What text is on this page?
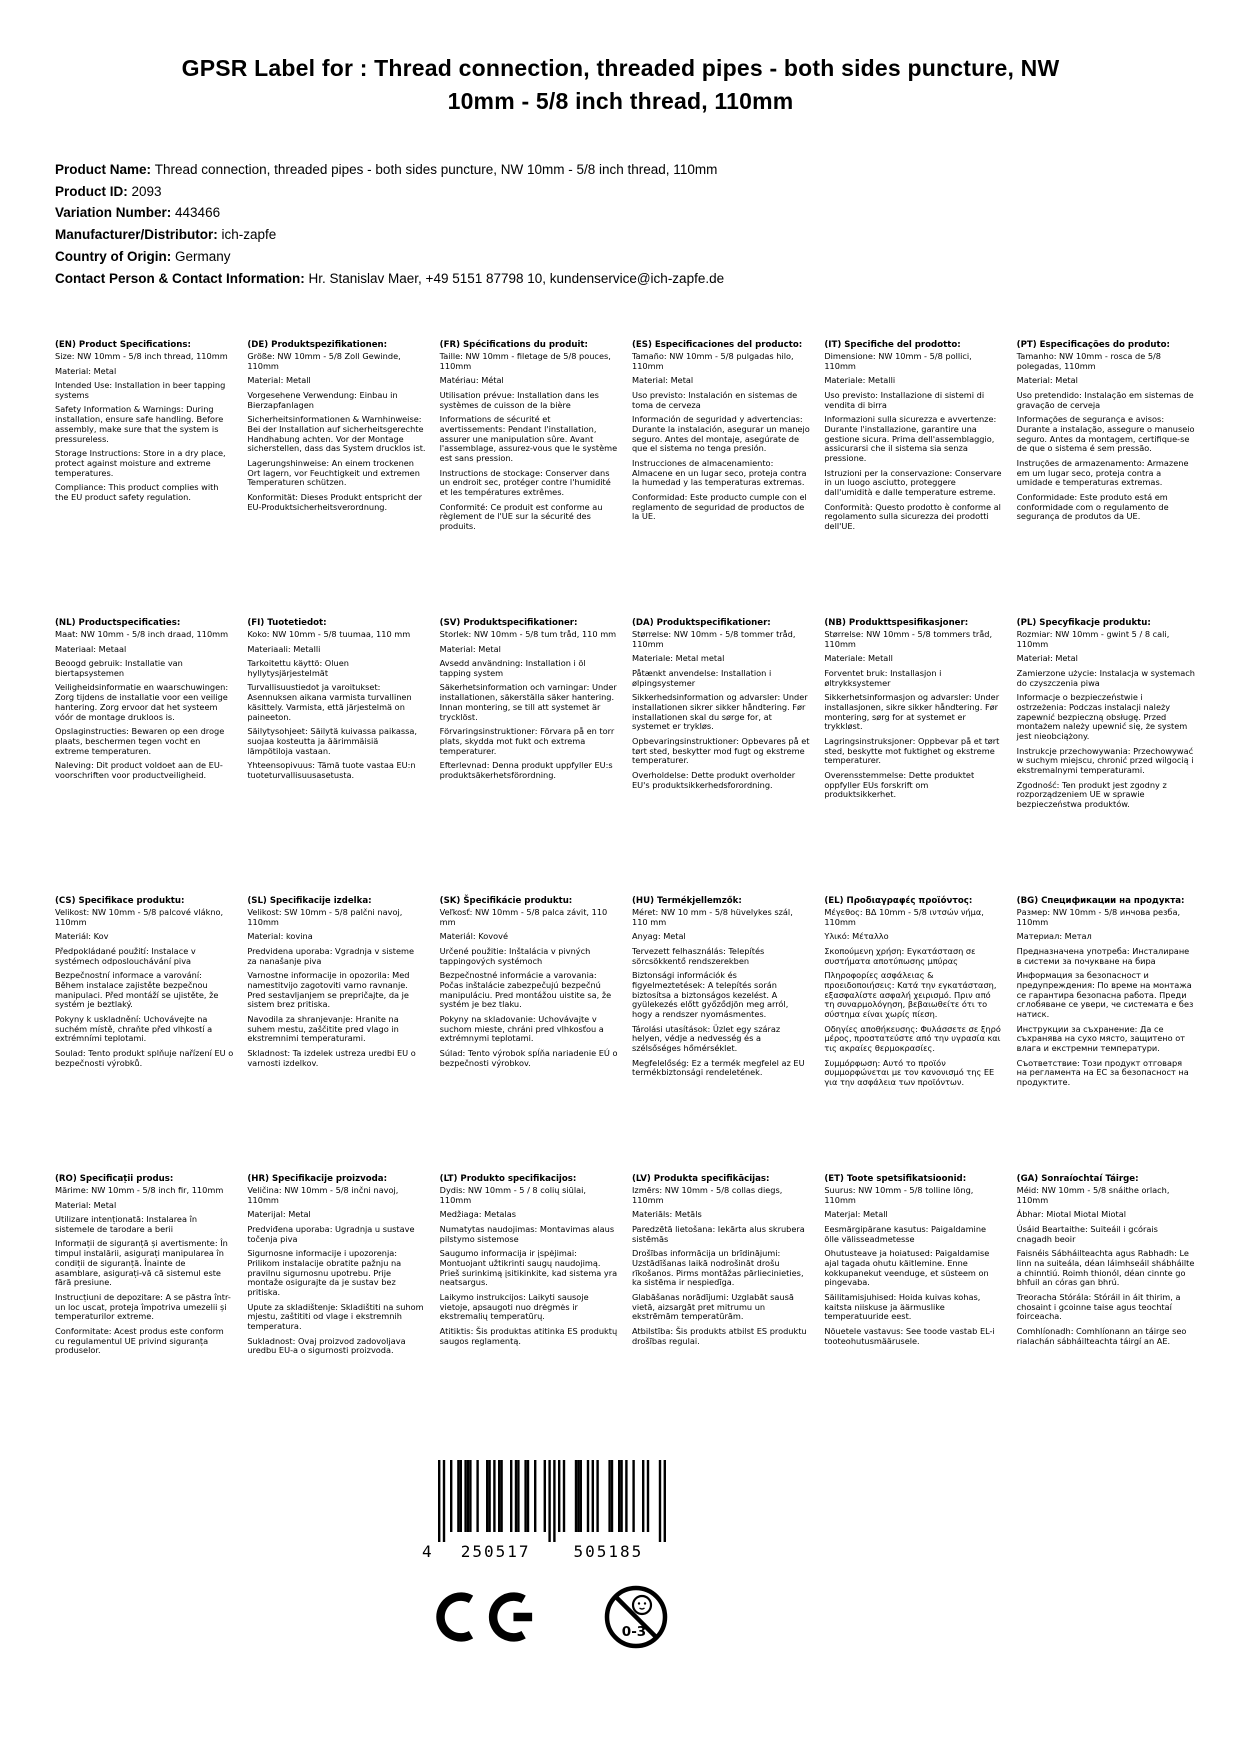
GPSR Label for : Thread connection, threaded pipes - both sides puncture, NW 10mm - 5/8 inch thread, 110mm
Product Name: Thread connection, threaded pipes - both sides puncture, NW 10mm - 5/8 inch thread, 110mm
Product ID: 2093
Variation Number: 443466
Manufacturer/Distributor: ich-zapfe
Country of Origin: Germany
Contact Person & Contact Information: Hr. Stanislav Maer, +49 5151 87798 10, kundenservice@ich-zapfe.de
(EN) Product Specifications:

Size: NW 10mm - 5/8 inch thread, 110mm

Material: Metal

Intended Use: Installation in beer tapping systems

Safety Information & Warnings: During installation, ensure safe handling. Before assembly, make sure that the system is pressureless.

Storage Instructions: Store in a dry place, protect against moisture and extreme temperatures.

Compliance: This product complies with the EU product safety regulation.

(DE) Produktspezifikationen:

Größe: NW 10mm - 5/8 Zoll Gewinde, 110mm

Material: Metall

Vorgesehene Verwendung: Einbau in Bierzapfanlagen

Sicherheitsinformationen & Warnhinweise: Bei der Installation auf sicherheitsgerechte Handhabung achten. Vor der Montage sicherstellen, dass das System drucklos ist.

Lagerungshinweise: An einem trockenen Ort lagern, vor Feuchtigkeit und extremen Temperaturen schützen.

Konformität: Dieses Produkt entspricht der EU-Produktsicherheitsverordnung.

(FR) Spécifications du produit:

Taille: NW 10mm - filetage de 5/8 pouces, 110mm

Matériau: Métal

Utilisation prévue: Installation dans les systèmes de cuisson de la bière

Informations de sécurité et avertissements: Pendant l'installation, assurer une manipulation sûre. Avant l'assemblage, assurez-vous que le système est sans pression.

Instructions de stockage: Conserver dans un endroit sec, protéger contre l'humidité et les températures extrêmes.

Conformité: Ce produit est conforme au règlement de l'UE sur la sécurité des produits.

(ES) Especificaciones del producto:

Tamaño: NW 10mm - 5/8 pulgadas hilo, 110mm

Material: Metal

Uso previsto: Instalación en sistemas de toma de cerveza

Información de seguridad y advertencias: Durante la instalación, asegurar un manejo seguro. Antes del montaje, asegúrate de que el sistema no tenga presión.

Instrucciones de almacenamiento: Almacene en un lugar seco, proteja contra la humedad y las temperaturas extremas.

Conformidad: Este producto cumple con el reglamento de seguridad de productos de la UE.

(IT) Specifiche del prodotto:

Dimensione: NW 10mm - 5/8 pollici, 110mm

Materiale: Metalli

Uso previsto: Installazione di sistemi di vendita di birra

Informazioni sulla sicurezza e avvertenze: Durante l'installazione, garantire una gestione sicura. Prima dell'assemblaggio, assicurarsi che il sistema sia senza pressione.

Istruzioni per la conservazione: Conservare in un luogo asciutto, proteggere dall'umidità e dalle temperature estreme.

Conformità: Questo prodotto è conforme al regolamento sulla sicurezza dei prodotti dell'UE.

(PT) Especificações do produto:

Tamanho: NW 10mm - rosca de 5/8 polegadas, 110mm

Material: Metal

Uso pretendido: Instalação em sistemas de gravação de cerveja

Informações de segurança e avisos: Durante a instalação, assegure o manuseio seguro. Antes da montagem, certifique-se de que o sistema é sem pressão.

Instruções de armazenamento: Armazene em um lugar seco, proteja contra a umidade e temperaturas extremas.

Conformidade: Este produto está em conformidade com o regulamento de segurança de produtos da UE.

(NL) Productspecificaties:

Maat: NW 10mm - 5/8 inch draad, 110mm

Materiaal: Metaal

Beoogd gebruik: Installatie van biertapsystemen

Veiligheidsinformatie en waarschuwingen: Zorg tijdens de installatie voor een veilige hantering. Zorg ervoor dat het systeem vóór de montage drukloos is.

Opslaginstructies: Bewaren op een droge plaats, beschermen tegen vocht en extreme temperaturen.

Naleving: Dit product voldoet aan de EU-voorschriften voor productveiligheid.

(FI) Tuotetiedot:

Koko: NW 10mm - 5/8 tuumaa, 110 mm

Materiaali: Metalli

Tarkoitettu käyttö: Oluen hyllytysjärjestelmät

Turvallisuustiedot ja varoitukset: Asennuksen aikana varmista turvallinen käsittely. Varmista, että järjestelmä on paineeton.

Säilytysohjeet: Säilytä kuivassa paikassa, suojaa kosteutta ja äärimmäisiä lämpötiloja vastaan.

Yhteensopivuus: Tämä tuote vastaa EU:n tuoteturvallisuusasetusta.

(SV) Produktspecifikationer:

Storlek: NW 10mm - 5/8 tum tråd, 110 mm

Material: Metal

Avsedd användning: Installation i öl tapping system

Säkerhetsinformation och varningar: Under installationen, säkerställa säker hantering. Innan montering, se till att systemet är trycklöst.

Förvaringsinstruktioner: Förvara på en torr plats, skydda mot fukt och extrema temperaturer.

Efterlevnad: Denna produkt uppfyller EU:s produktsäkerhetsförordning.

(DA) Produktspecifikationer:

Størrelse: NW 10mm - 5/8 tommer tråd, 110mm

Materiale: Metal metal

Påtænkt anvendelse: Installation i ølpingsystemer

Sikkerhedsinformation og advarsler: Under installationen sikrer sikker håndtering. Før installationen skal du sørge for, at systemet er trykløs.

Opbevaringsinstruktioner: Opbevares på et tørt sted, beskytter mod fugt og ekstreme temperaturer.

Overholdelse: Dette produkt overholder EU's produktsikkerhedsforordning.

(NB) Produkttspesifikasjoner:

Størrelse: NW 10mm - 5/8 tommers tråd, 110mm

Materiale: Metall

Forventet bruk: Installasjon i øltrykksystemer

Sikkerhetsinformasjon og advarsler: Under installasjonen, sikre sikker håndtering. Før montering, sørg for at systemet er trykkløst.

Lagringsinstruksjoner: Oppbevar på et tørt sted, beskytte mot fuktighet og ekstreme temperaturer.

Overensstemmelse: Dette produktet oppfyller EUs forskrift om produktsikkerhet.

(PL) Specyfikacje produktu:

Rozmiar: NW 10mm - gwint 5 / 8 cali, 110mm

Materiał: Metal

Zamierzone użycie: Instalacja w systemach do czyszczenia piwa

Informacje o bezpieczeństwie i ostrzeżenia: Podczas instalacji należy zapewnić bezpieczną obsługę. Przed montażem należy upewnić się, że system jest nieobciążony.

Instrukcje przechowywania: Przechowywać w suchym miejscu, chronić przed wilgocią i ekstremalnymi temperaturami.

Zgodność: Ten produkt jest zgodny z rozporządzeniem UE w sprawie bezpieczeństwa produktów.

(CS) Specifikace produktu:

Velikost: NW 10mm - 5/8 palcové vlákno, 110mm

Materiál: Kov

Předpokládané použití: Instalace v systémech odposlouchávání piva

Bezpečnostní informace a varování: Během instalace zajistěte bezpečnou manipulaci. Před montáží se ujistěte, že systém je beztlaký.

Pokyny k uskladnění: Uchovávejte na suchém místě, chraňte před vlhkostí a extrémními teplotami.

Soulad: Tento produkt splňuje nařízení EU o bezpečnosti výrobků.

(SL) Specifikacije izdelka:

Velikost: SW 10mm - 5/8 palčni navoj, 110mm

Material: kovina

Predvidena uporaba: Vgradnja v sisteme za nanašanje piva

Varnostne informacije in opozorila: Med namestitvijo zagotoviti varno ravnanje. Pred sestavljanjem se prepričajte, da je sistem brez pritiska.

Navodila za shranjevanje: Hranite na suhem mestu, zaščitite pred vlago in ekstremnimi temperaturami.

Skladnost: Ta izdelek ustreza uredbi EU o varnosti izdelkov.

(SK) Špecifikácie produktu:

Veľkosť: NW 10mm - 5/8 palca závit, 110 mm

Materiál: Kovové

Určené použitie: Inštalácia v pivných tappingových systémoch

Bezpečnostné informácie a varovania: Počas inštalácie zabezpečujú bezpečnú manipuláciu. Pred montážou uistite sa, že systém je bez tlaku.

Pokyny na skladovanie: Uchovávajte v suchom mieste, chráni pred vlhkosťou a extrémnymi teplotami.

Súlad: Tento výrobok spĺňa nariadenie EÚ o bezpečnosti výrobkov.

(HU) Termékjellemzők:

Méret: NW 10 mm - 5/8 hüvelykes szál, 110 mm

Anyag: Metal

Tervezett felhasználás: Telepítés sörcsökkentő rendszerekben

Biztonsági információk és figyelmeztetések: A telepítés során biztosítsa a biztonságos kezelést. A gyülekezés előtt győződjön meg arról, hogy a rendszer nyomásmentes.

Tárolási utasítások: Üzlet egy száraz helyen, védje a nedvesség és a szélsőséges hőmérséklet.

Megfelelőség: Ez a termék megfelel az EU termékbiztonsági rendeletének.

(EL) Προδιαγραφές προϊόντος:

Μέγεθος: ΒΔ 10mm - 5/8 ιντσών νήμα, 110mm

Υλικό: Μέταλλο

Σκοπούμενη χρήση: Εγκατάσταση σε συστήματα αποτύπωσης μπύρας

Πληροφορίες ασφάλειας & προειδοποιήσεις: Κατά την εγκατάσταση, εξασφαλίστε ασφαλή χειρισμό. Πριν από τη συναρμολόγηση, βεβαιωθείτε ότι το σύστημα είναι χωρίς πίεση.

Οδηγίες αποθήκευσης: Φυλάσσετε σε ξηρό μέρος, προστατεύστε από την υγρασία και τις ακραίες θερμοκρασίες.

Συμμόρφωση: Αυτό το προϊόν συμμορφώνεται με τον κανονισμό της ΕΕ για την ασφάλεια των προϊόντων.

(BG) Спецификации на продукта:

Размер: NW 10mm - 5/8 инчова резба, 110mm

Материал: Метал

Предназначена употреба: Инсталиране в системи за почукване на бира

Информация за безопасност и предупреждения: По време на монтажа се гарантира безопасна работа. Преди сглобяване се увери, че системата е без натиск.

Инструкции за съхранение: Да се съхранява на сухо място, защитено от влага и екстремни температури.

Съответствие: Този продукт отговаря на регламента на ЕС за безопасност на продуктите.

(RO) Specificații produs:

Mărime: NW 10mm - 5/8 inch fir, 110mm

Material: Metal

Utilizare intenționată: Instalarea în sistemele de tarodare a berii

Informații de siguranță și avertismente: În timpul instalării, asigurați manipularea în condiții de siguranță. Înainte de asamblare, asigurați-vă că sistemul este fără presiune.

Instrucțiuni de depozitare: A se păstra într-un loc uscat, proteja împotriva umezelii și temperaturilor extreme.

Conformitate: Acest produs este conform cu regulamentul UE privind siguranța produselor.

(HR) Specifikacije proizvoda:

Veličina: NW 10mm - 5/8 inčni navoj, 110mm

Materijal: Metal

Predviđena uporaba: Ugradnja u sustave točenja piva

Sigurnosne informacije i upozorenja: Prilikom instalacije obratite pažnju na pravilnu sigurnosnu upotrebu. Prije montaže osigurajte da je sustav bez pritiska.

Upute za skladištenje: Skladištiti na suhom mjestu, zaštititi od vlage i ekstremnih temperatura.

Sukladnost: Ovaj proizvod zadovoljava uredbu EU-a o sigurnosti proizvoda.

(LT) Produkto specifikacijos:

Dydis: NW 10mm - 5 / 8 colių siūlai, 110mm

Medžiaga: Metalas

Numatytas naudojimas: Montavimas alaus pilstymo sistemose

Saugumo informacija ir įspėjimai: Montuojant užtikrinti saugų naudojimą. Prieš surinkimą įsitikinkite, kad sistema yra neatsargus.

Laikymo instrukcijos: Laikyti sausoje vietoje, apsaugoti nuo drėgmės ir ekstremalių temperatūrų.

Atitiktis: Šis produktas atitinka ES produktų saugos reglamentą.

(LV) Produkta specifikācijas:

Izmērs: NW 10mm - 5/8 collas diegs, 110mm

Materiāls: Metāls

Paredzētā lietošana: Iekārta alus skrubera sistēmās

Drošības informācija un brīdinājumi: Uzstādīšanas laikā nodrošināt drošu rīkošanos. Pirms montāžas pārliecinieties, ka sistēma ir nespiedīga.

Glabāšanas norādījumi: Uzglabāt sausā vietā, aizsargāt pret mitrumu un ekstrēmām temperatūrām.

Atbilstība: Šis produkts atbilst ES produktu drošības regulai.

(ET) Toote spetsifikatsioonid:

Suurus: NW 10mm - 5/8 tolline lõng, 110mm

Materjal: Metall

Eesmärgipärane kasutus: Paigaldamine õlle välisseadmetesse

Ohutusteave ja hoiatused: Paigaldamise ajal tagada ohutu käitlemine. Enne kokkupanekut veenduge, et süsteem on pingevaba.

Säilitamisjuhised: Hoida kuivas kohas, kaitsta niiskuse ja äärmuslike temperatuuride eest.

Nõuetele vastavus: See toode vastab EL-i tooteohutusmäärusele.

(GA) Sonraíochtaí Táirge:

Méid: NW 10mm - 5/8 snáithe orlach, 110mm

Ábhar: Miotal Miotal Miotal

Úsáid Beartaithe: Suiteáil i gcórais cnagadh beoir

Faisnéis Sábháilteachta agus Rabhadh: Le linn na suiteála, déan láimhseáil shábháilte a chinntiú. Roimh thionól, déan cinnte go bhfuil an córas gan bhrú.

Treoracha Stórála: Stóráil in áit thirim, a chosaint i gcoinne taise agus teochtaí foirceacha.

Comhlíonadh: Comhlíonann an táirge seo rialachán sábháilteachta táirgí an AE.

4 250517	505185
0-3
